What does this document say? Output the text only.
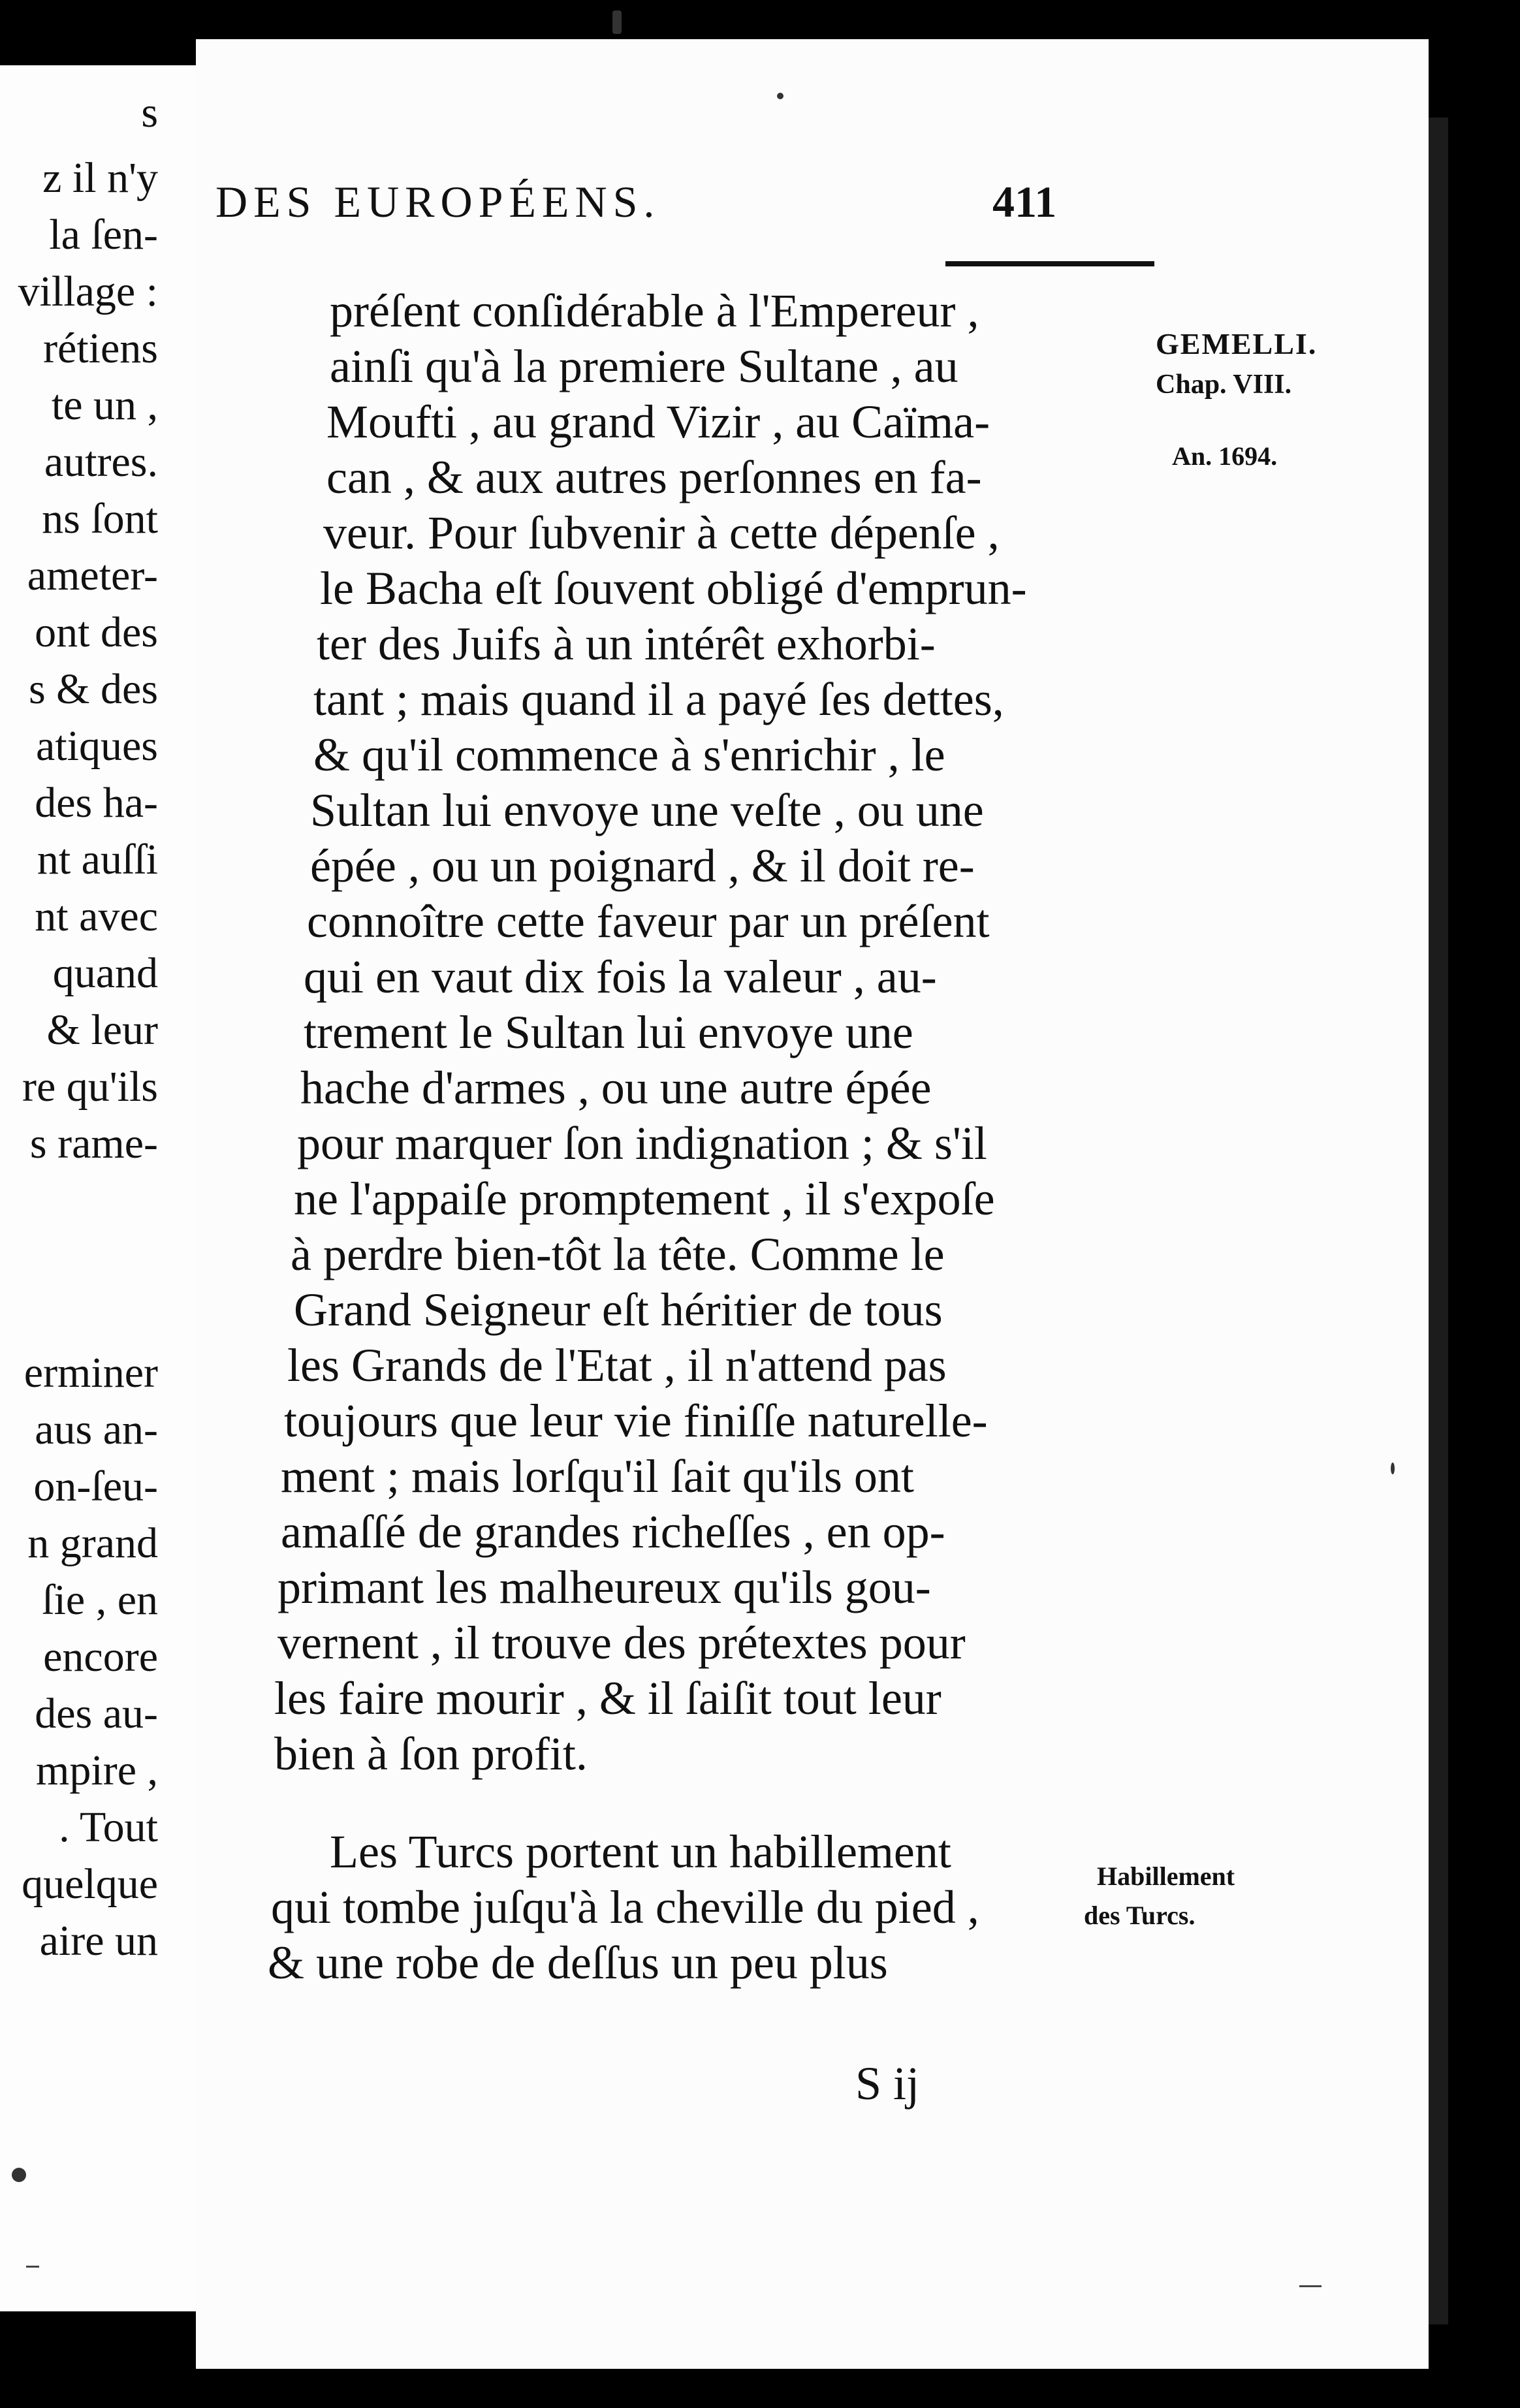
s
z il n'y
la ſen-
village :
rétiens
te un ,
autres.
ns ſont
ameter-
ont des
s & des
atiques
des ha-
nt auſſi
nt avec
quand
& leur
re qu'ils
s rame-
erminer
aus an-
on-ſeu-
n grand
ſie , en
encore
des au-
mpire ,
. Tout
quelque
aire un
DES EUROPÉENS.	411
GEMELLI.
Chap. VIII.
An. 1694.
Habillement
des Turcs.
préſent conſidérable à l'Empereur ,
ainſi qu'à la premiere Sultane , au
Moufti , au grand Vizir , au Caïma-
can , & aux autres perſonnes en fa-
veur. Pour ſubvenir à cette dépenſe ,
le Bacha eſt ſouvent obligé d'emprun-
ter des Juifs à un intérêt exhorbi-
tant ; mais quand il a payé ſes dettes,
& qu'il commence à s'enrichir , le
Sultan lui envoye une veſte , ou une
épée , ou un poignard , & il doit re-
connoître cette faveur par un préſent
qui en vaut dix fois la valeur , au-
trement le Sultan lui envoye une
hache d'armes , ou une autre épée
pour marquer ſon indignation ; & s'il
ne l'appaiſe promptement , il s'expoſe
à perdre bien-tôt la tête. Comme le
Grand Seigneur eſt héritier de tous
les Grands de l'Etat , il n'attend pas
toujours que leur vie finiſſe naturelle-
ment ; mais lorſqu'il ſait qu'ils ont
amaſſé de grandes richeſſes , en op-
primant les malheureux qu'ils gou-
vernent , il trouve des prétextes pour
les faire mourir , & il ſaiſit tout leur
bien à ſon profit.
Les Turcs portent un habillement
qui tombe juſqu'à la cheville du pied ,
& une robe de deſſus un peu plus
S ij
